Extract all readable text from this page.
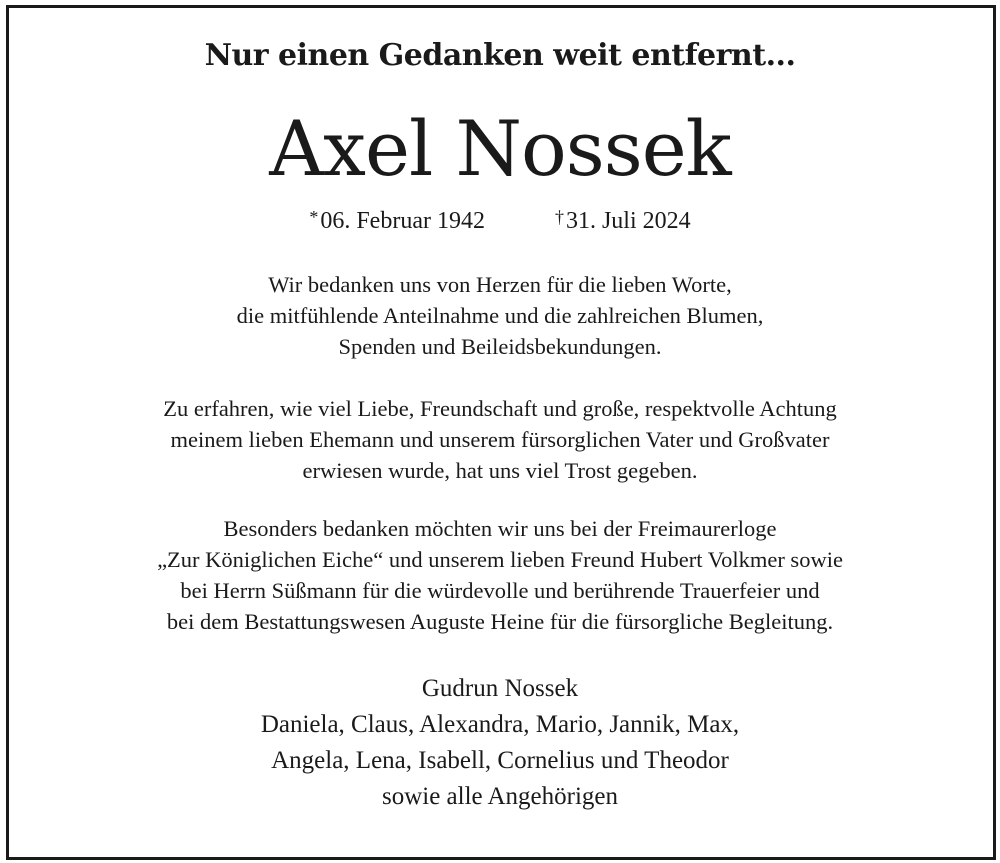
Nur einen Gedanken weit entfernt...
Axel Nossek
*06. Februar 1942	†31. Juli 2024

Wir bedanken uns von Herzen für die lieben Worte,

die mitfühlende Anteilnahme und die zahlreichen Blumen,

Spenden und Beileidsbekundungen.

Zu erfahren, wie viel Liebe, Freundschaft und große, respektvolle Achtung

meinem lieben Ehemann und unserem fürsorglichen Vater und Großvater

erwiesen wurde, hat uns viel Trost gegeben.

Besonders bedanken möchten wir uns bei der Freimaurerloge

„Zur Königlichen Eiche“ und unserem lieben Freund Hubert Volkmer sowie

bei Herrn Süßmann für die würdevolle und berührende Trauerfeier und

bei dem Bestattungswesen Auguste Heine für die fürsorgliche Begleitung.

Gudrun Nossek

Daniela, Claus, Alexandra, Mario, Jannik, Max,

Angela, Lena, Isabell, Cornelius und Theodor

sowie alle Angehörigen
